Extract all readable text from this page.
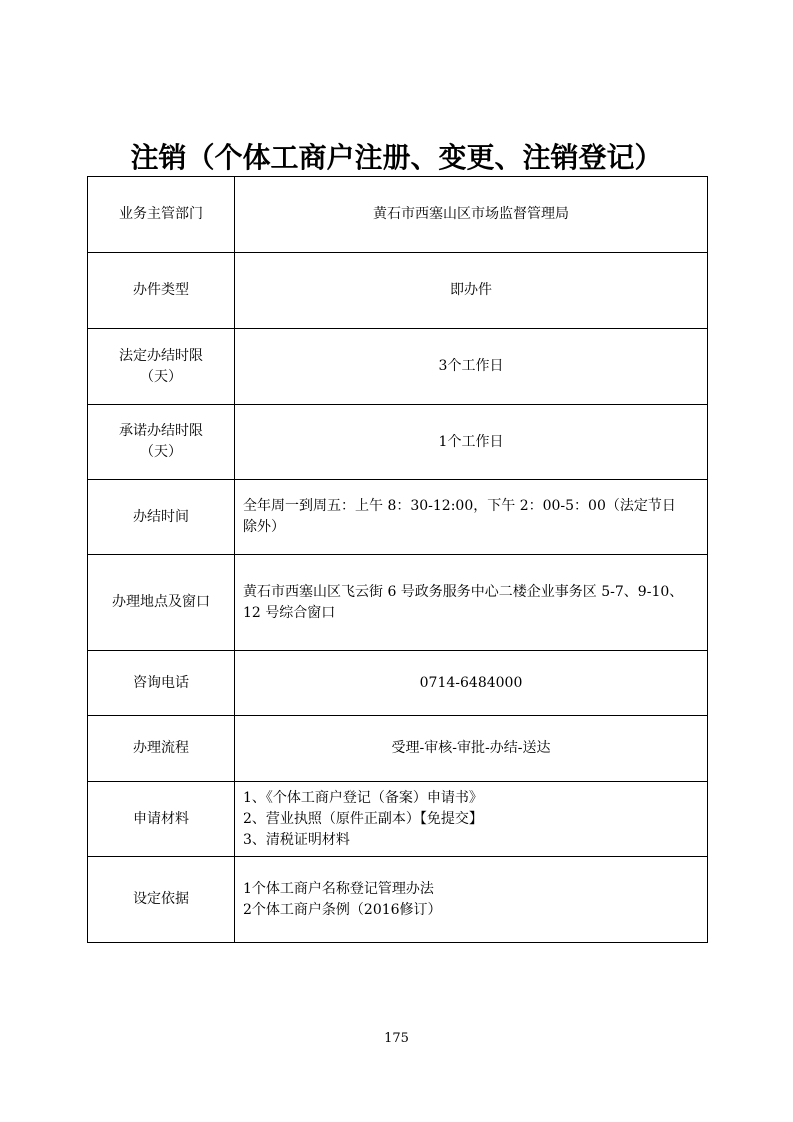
注销（个体工商户注册、变更、注销登记）
业务主管部门	黄石市西塞山区市场监督管理局
办件类型	即办件

法定办结时限
（天）	3个工作日

承诺办结时限
（天）	1个工作日
办结时间	全年周一到周五：上午 8：30-12:00，下午 2：00-5：00（法定节日
除外）

办理地点及窗口	黄石市西塞山区飞云街 6 号政务服务中心二楼企业事务区 5-7、9-10、
12 号综合窗口

咨询电话	0714-6484000
办理流程	受理-审核-审批-办结-送达
申请材料	1、《个体工商户登记（备案）申请书》
2、营业执照（原件正副本）【免提交】
3、清税证明材料

设定依据	1个体工商户名称登记管理办法
2个体工商户条例（2016修订）
175
